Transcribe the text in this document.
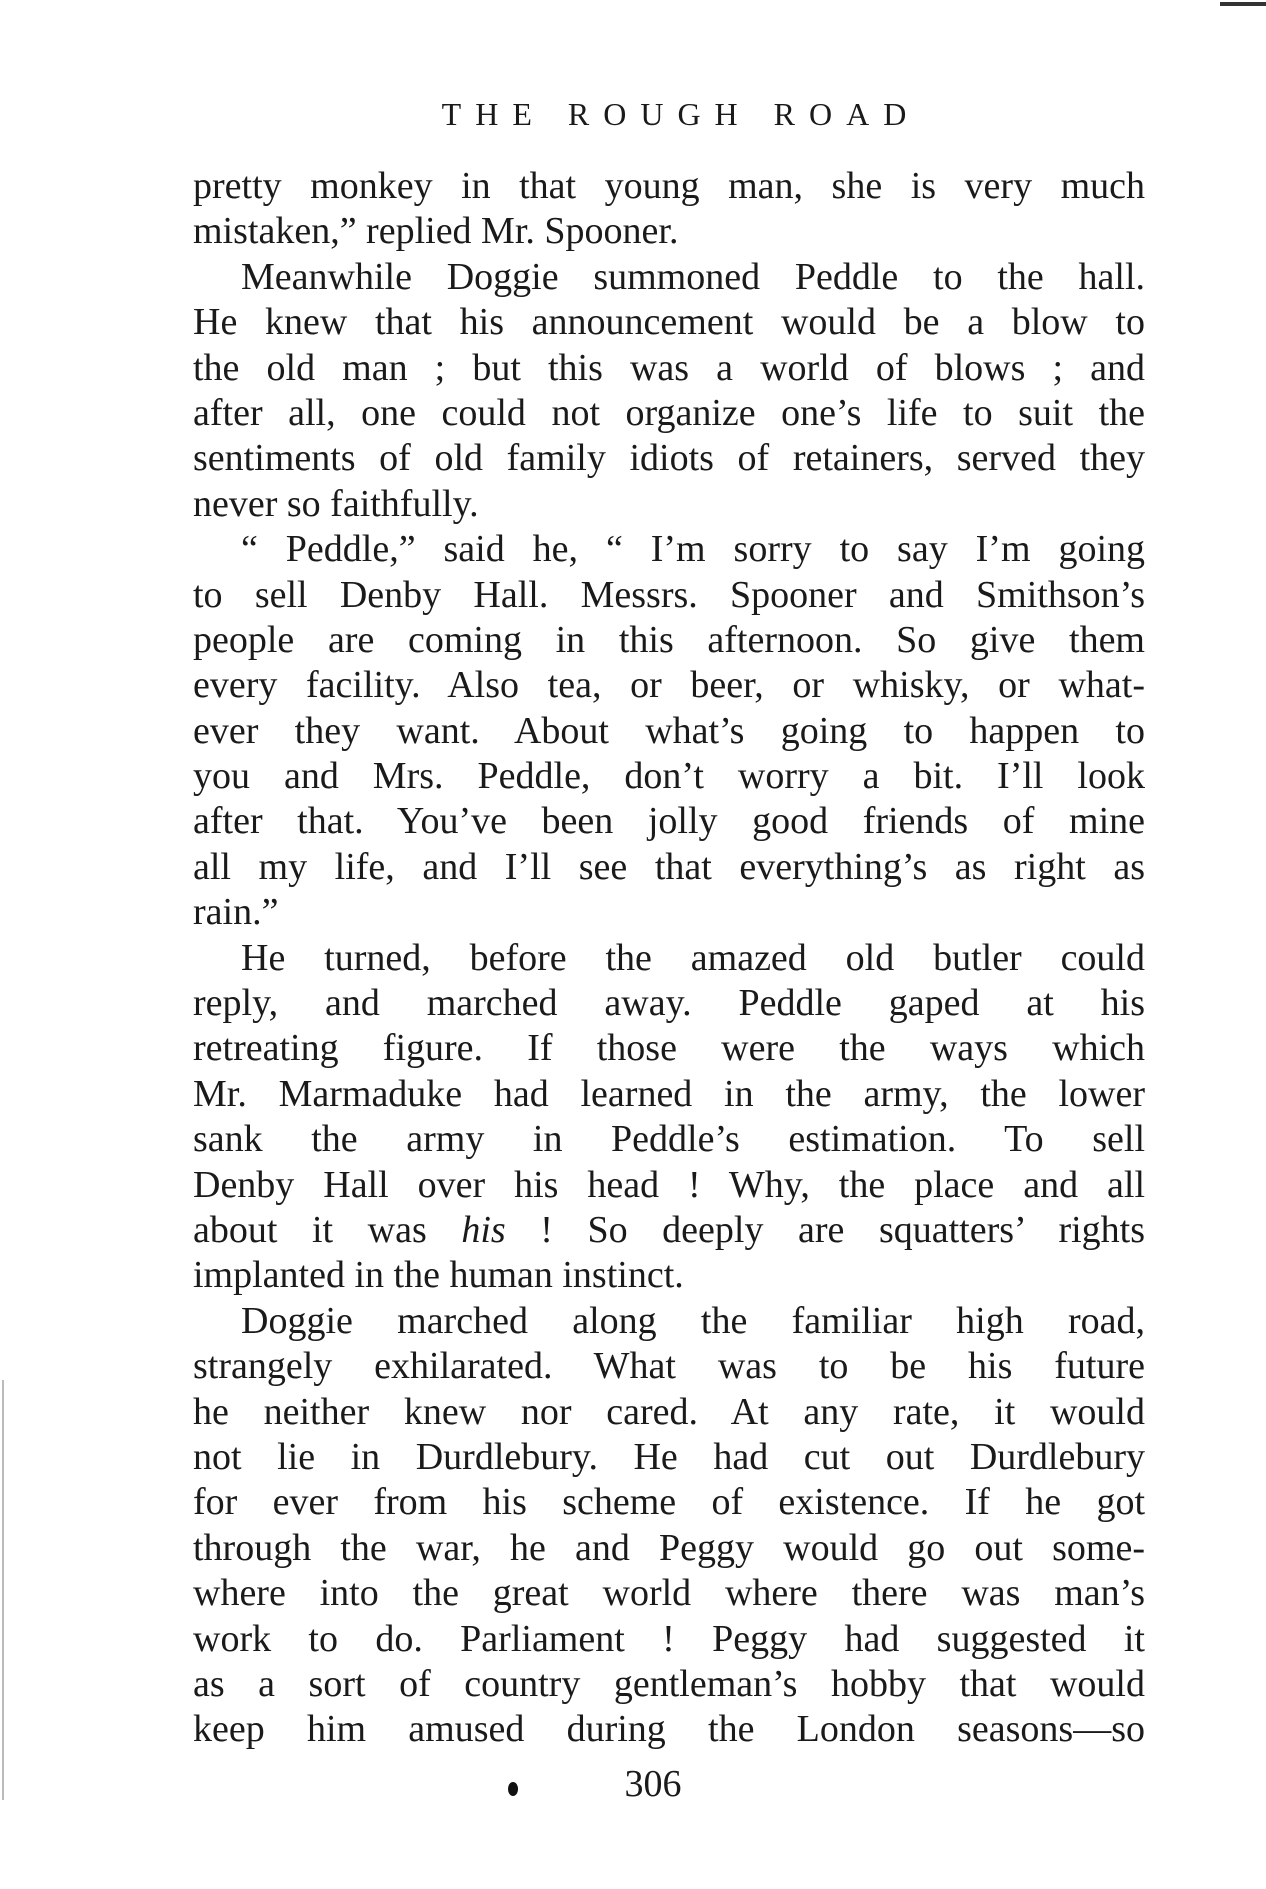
THE ROUGH ROAD
pretty monkey in that young man, she is very much
mistaken,” replied Mr. Spooner.
Meanwhile Doggie summoned Peddle to the hall.
He knew that his announcement would be a blow to
the old man ; but this was a world of blows ; and
after all, one could not organize one’s life to suit the
sentiments of old family idiots of retainers, served they
never so faithfully.
“ Peddle,” said he, “ I’m sorry to say I’m going
to sell Denby Hall. Messrs. Spooner and Smithson’s
people are coming in this afternoon. So give them
every facility. Also tea, or beer, or whisky, or what-
ever they want. About what’s going to happen to
you and Mrs. Peddle, don’t worry a bit. I’ll look
after that. You’ve been jolly good friends of mine
all my life, and I’ll see that everything’s as right as
rain.”
He turned, before the amazed old butler could
reply, and marched away. Peddle gaped at his
retreating figure. If those were the ways which
Mr. Marmaduke had learned in the army, the lower
sank the army in Peddle’s estimation. To sell
Denby Hall over his head ! Why, the place and all
about it was his ! So deeply are squatters’ rights
implanted in the human instinct.
Doggie marched along the familiar high road,
strangely exhilarated. What was to be his future
he neither knew nor cared. At any rate, it would
not lie in Durdlebury. He had cut out Durdlebury
for ever from his scheme of existence. If he got
through the war, he and Peggy would go out some-
where into the great world where there was man’s
work to do. Parliament ! Peggy had suggested it
as a sort of country gentleman’s hobby that would
keep him amused during the London seasons—so
306
